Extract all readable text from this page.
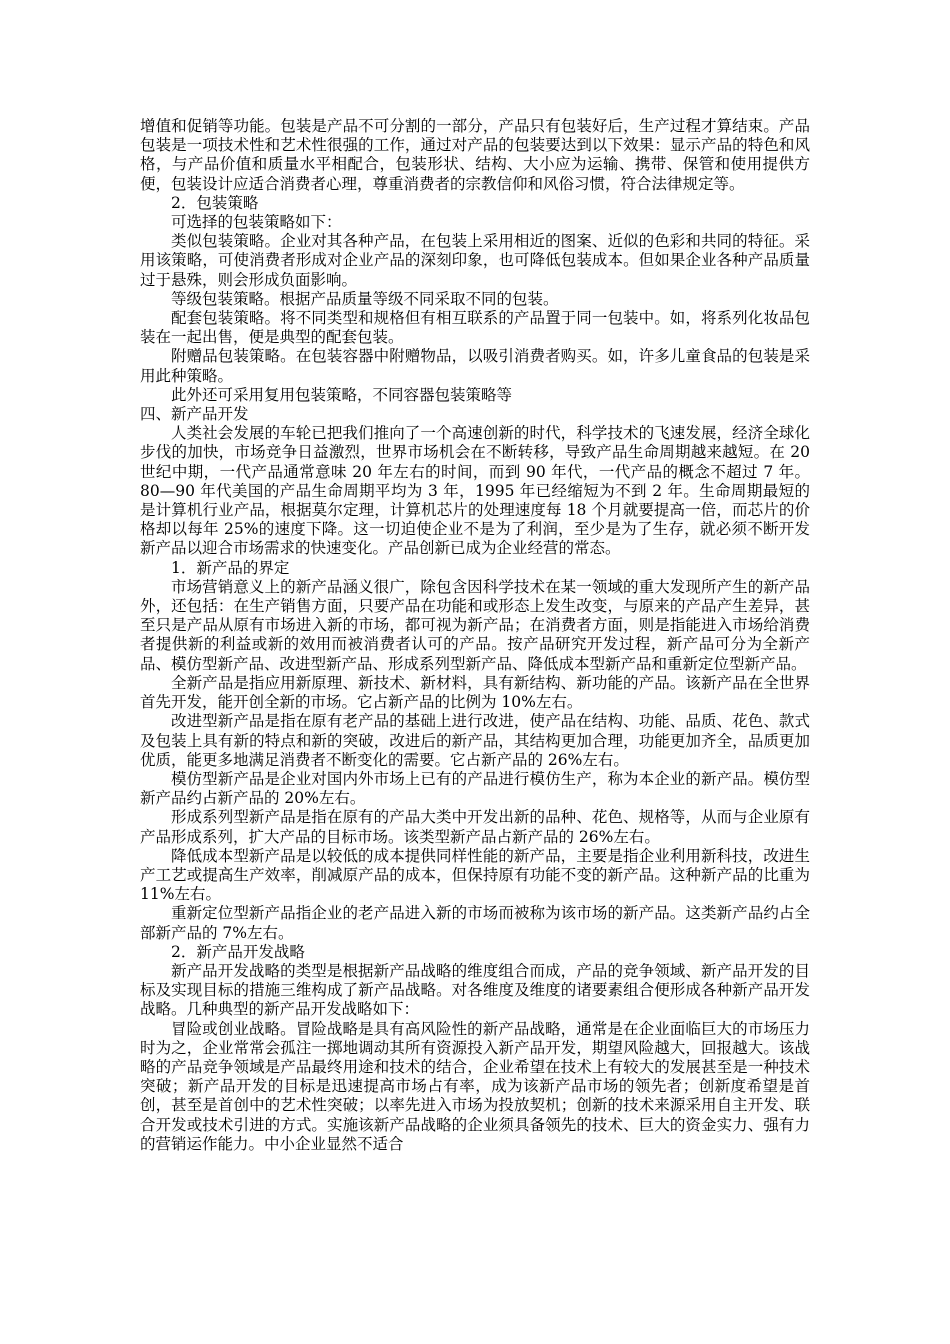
增值和促销等功能。包装是产品不可分割的一部分，产品只有包装好后，生产过程才算结束。产品包装是一项技术性和艺术性很强的工作，通过对产品的包装要达到以下效果：显示产品的特色和风格，与产品价值和质量水平相配合，包装形状、结构、大小应为运输、携带、保管和使用提供方便，包装设计应适合消费者心理，尊重消费者的宗教信仰和风俗习惯，符合法律规定等。

2．包装策略

可选择的包装策略如下：

类似包装策略。企业对其各种产品，在包装上采用相近的图案、近似的色彩和共同的特征。采用该策略，可使消费者形成对企业产品的深刻印象，也可降低包装成本。但如果企业各种产品质量过于悬殊，则会形成负面影响。

等级包装策略。根据产品质量等级不同采取不同的包装。

配套包装策略。将不同类型和规格但有相互联系的产品置于同一包装中。如，将系列化妆品包装在一起出售，便是典型的配套包装。

附赠品包装策略。在包装容器中附赠物品，以吸引消费者购买。如，许多儿童食品的包装是采用此种策略。

此外还可采用复用包装策略，不同容器包装策略等

四、新产品开发

人类社会发展的车轮已把我们推向了一个高速创新的时代，科学技术的飞速发展，经济全球化步伐的加快，市场竞争日益激烈，世界市场机会在不断转移，导致产品生命周期越来越短。在 20 世纪中期，一代产品通常意味 20 年左右的时间，而到 90 年代，一代产品的概念不超过 7 年。80—90 年代美国的产品生命周期平均为 3 年，1995 年已经缩短为不到 2 年。生命周期最短的是计算机行业产品，根据莫尔定理，计算机芯片的处理速度每 18 个月就要提高一倍，而芯片的价格却以每年 25%的速度下降。这一切迫使企业不是为了利润，至少是为了生存，就必须不断开发新产品以迎合市场需求的快速变化。产品创新已成为企业经营的常态。

1．新产品的界定

市场营销意义上的新产品涵义很广，除包含因科学技术在某一领域的重大发现所产生的新产品外，还包括：在生产销售方面，只要产品在功能和或形态上发生改变，与原来的产品产生差异，甚至只是产品从原有市场进入新的市场，都可视为新产品；在消费者方面，则是指能进入市场给消费者提供新的利益或新的效用而被消费者认可的产品。按产品研究开发过程，新产品可分为全新产品、模仿型新产品、改进型新产品、形成系列型新产品、降低成本型新产品和重新定位型新产品。

全新产品是指应用新原理、新技术、新材料，具有新结构、新功能的产品。该新产品在全世界首先开发，能开创全新的市场。它占新产品的比例为 10%左右。

改进型新产品是指在原有老产品的基础上进行改进，使产品在结构、功能、品质、花色、款式及包装上具有新的特点和新的突破，改进后的新产品，其结构更加合理，功能更加齐全，品质更加优质，能更多地满足消费者不断变化的需要。它占新产品的 26%左右。

模仿型新产品是企业对国内外市场上已有的产品进行模仿生产，称为本企业的新产品。模仿型新产品约占新产品的 20%左右。

形成系列型新产品是指在原有的产品大类中开发出新的品种、花色、规格等，从而与企业原有产品形成系列，扩大产品的目标市场。该类型新产品占新产品的 26%左右。

降低成本型新产品是以较低的成本提供同样性能的新产品，主要是指企业利用新科技，改进生产工艺或提高生产效率，削减原产品的成本，但保持原有功能不变的新产品。这种新产品的比重为 11%左右。

重新定位型新产品指企业的老产品进入新的市场而被称为该市场的新产品。这类新产品约占全部新产品的 7%左右。

2．新产品开发战略

新产品开发战略的类型是根据新产品战略的维度组合而成，产品的竞争领域、新产品开发的目标及实现目标的措施三维构成了新产品战略。对各维度及维度的诸要素组合便形成各种新产品开发战略。几种典型的新产品开发战略如下：

冒险或创业战略。冒险战略是具有高风险性的新产品战略，通常是在企业面临巨大的市场压力时为之，企业常常会孤注一掷地调动其所有资源投入新产品开发，期望风险越大，回报越大。该战略的产品竞争领域是产品最终用途和技术的结合，企业希望在技术上有较大的发展甚至是一种技术突破；新产品开发的目标是迅速提高市场占有率，成为该新产品市场的领先者；创新度希望是首创，甚至是首创中的艺术性突破；以率先进入市场为投放契机；创新的技术来源采用自主开发、联合开发或技术引进的方式。实施该新产品战略的企业须具备领先的技术、巨大的资金实力、强有力的营销运作能力。中小企业显然不适合
